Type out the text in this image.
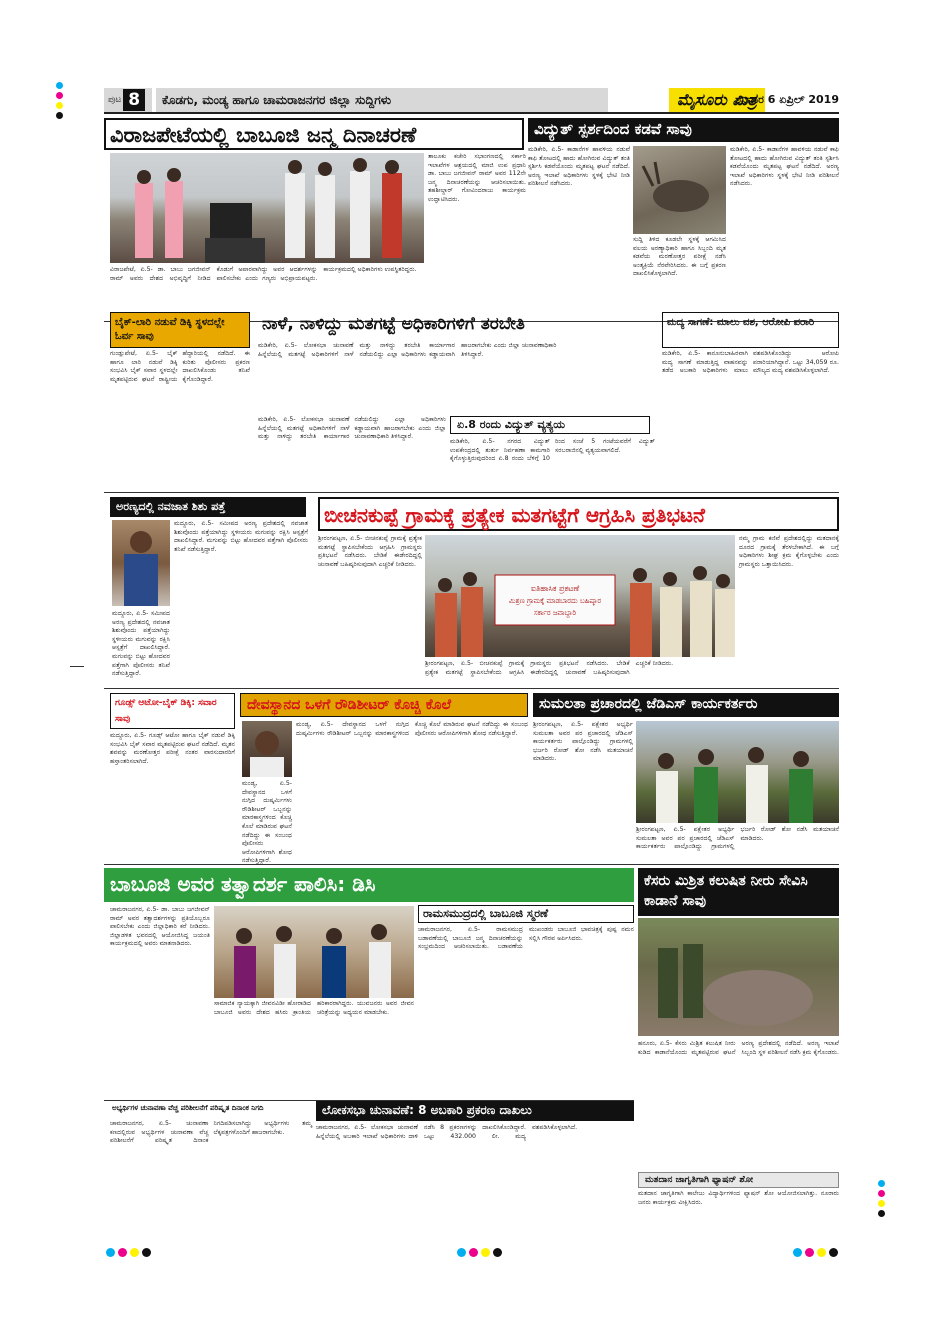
ಪುಟ 8	ಕೊಡಗು, ಮಂಡ್ಯ ಹಾಗೂ ಚಾಮರಾಜನಗರ ಜಿಲ್ಲಾ ಸುದ್ದಿಗಳು	ಮೈಸೂರು ಮಿತ್ರ
ಶನಿವಾರ 6 ಏಪ್ರಿಲ್ 2019
ವಿರಾಜಪೇಟೆಯಲ್ಲಿ ಬಾಬೂಜಿ ಜನ್ಮ ದಿನಾಚರಣೆ	ವಿದ್ಯುತ್ ಸ್ಪರ್ಶದಿಂದ ಕಡವೆ ಸಾವು
ತಾಲೂಕು ಕಚೇರಿ ಸಭಾಂಗಣದಲ್ಲಿ ಸರ್ಕಾರಿ ಇಲಾಖೆಗಳ ಆಶ್ರಯದಲ್ಲಿ ಮಾಜಿ ಉಪ ಪ್ರಧಾನಿ ಡಾ. ಬಾಬು ಜಗಜೀವನ್ ರಾಮ್ ಅವರ 112ನೇ ಜನ್ಮ ದಿನಾಚರಣೆಯನ್ನು ಆಚರಿಸಲಾಯಿತು. ತಹಶೀಲ್ದಾರ್ ಗೋವಿಂದರಾಜು ಕಾರ್ಯಕ್ರಮ ಉದ್ಘಾಟಿಸಿದರು.
ವಿರಾಜಪೇಟೆ, ಏ.5- ಡಾ. ಬಾಬು ಜಗಜೀವನ್ ರಾಮ್ ಅವರು ದೇಶದ ಅಭಿವೃದ್ಧಿಗೆ ನೀಡಿದ ಕೊಡುಗೆ ಅಪಾರವಾಗಿದ್ದು ಅವರ ಆದರ್ಶಗಳನ್ನು ಪಾಲಿಸಬೇಕು ಎಂದು ಗಣ್ಯರು ಅಭಿಪ್ರಾಯಪಟ್ಟರು. ಕಾರ್ಯಕ್ರಮದಲ್ಲಿ ಅಧಿಕಾರಿಗಳು ಉಪಸ್ಥಿತರಿದ್ದರು.
ಮಡಿಕೇರಿ, ಏ.5- ಕಾಡಾನೆಗಳ ಹಾವಳಿಯ ನಡುವೆ ಕಾಫಿ ತೋಟದಲ್ಲಿ ಹಾದು ಹೋಗಿರುವ ವಿದ್ಯುತ್ ತಂತಿ ಸ್ಪರ್ಶಿಸಿ ಕಡವೆಯೊಂದು ಮೃತಪಟ್ಟ ಘಟನೆ ನಡೆದಿದೆ. ಅರಣ್ಯ ಇಲಾಖೆ ಅಧಿಕಾರಿಗಳು ಸ್ಥಳಕ್ಕೆ ಭೇಟಿ ನೀಡಿ ಪರಿಶೀಲನೆ ನಡೆಸಿದರು.
ಸುದ್ದಿ ತಿಳಿದ ಕೂಡಲೇ ಸ್ಥಳಕ್ಕೆ ಆಗಮಿಸಿದ ವಲಯ ಅರಣ್ಯಾಧಿಕಾರಿ ಹಾಗೂ ಸಿಬ್ಬಂದಿ ಮೃತ ಕಡವೆಯ ಮರಣೋತ್ತರ ಪರೀಕ್ಷೆ ನಡೆಸಿ ಅಂತ್ಯಕ್ರಿಯೆ ನೆರವೇರಿಸಿದರು. ಈ ಬಗ್ಗೆ ಪ್ರಕರಣ ದಾಖಲಿಸಿಕೊಳ್ಳಲಾಗಿದೆ.
ಮಡಿಕೇರಿ, ಏ.5- ಕಾಡಾನೆಗಳ ಹಾವಳಿಯ ನಡುವೆ ಕಾಫಿ ತೋಟದಲ್ಲಿ ಹಾದು ಹೋಗಿರುವ ವಿದ್ಯುತ್ ತಂತಿ ಸ್ಪರ್ಶಿಸಿ ಕಡವೆಯೊಂದು ಮೃತಪಟ್ಟ ಘಟನೆ ನಡೆದಿದೆ. ಅರಣ್ಯ ಇಲಾಖೆ ಅಧಿಕಾರಿಗಳು ಸ್ಥಳಕ್ಕೆ ಭೇಟಿ ನೀಡಿ ಪರಿಶೀಲನೆ ನಡೆಸಿದರು.
ಬೈಕ್-ಲಾರಿ ನಡುವೆ ಡಿಕ್ಕಿ ಸ್ಥಳದಲ್ಲೇ ಓರ್ವ ಸಾವು
ಗುಂಡ್ಲುಪೇಟೆ, ಏ.5- ಬೈಕ್ ಹಾಗೂ ಲಾರಿ ನಡುವೆ ಡಿಕ್ಕಿ ಸಂಭವಿಸಿ ಬೈಕ್ ಸವಾರ ಸ್ಥಳದಲ್ಲೇ ಮೃತಪಟ್ಟಿರುವ ಘಟನೆ ರಾಷ್ಟ್ರೀಯ ಹೆದ್ದಾರಿಯಲ್ಲಿ ನಡೆದಿದೆ. ಈ ಕುರಿತು ಪೊಲೀಸರು ಪ್ರಕರಣ ದಾಖಲಿಸಿಕೊಂಡು ತನಿಖೆ ಕೈಗೊಂಡಿದ್ದಾರೆ.
ನಾಳೆ, ನಾಳಿದ್ದು ಮತಗಟ್ಟೆ ಅಧಿಕಾರಿಗಳಿಗೆ ತರಬೇತಿ
ಮಡಿಕೇರಿ, ಏ.5- ಲೋಕಸಭಾ ಚುನಾವಣೆ ಹಿನ್ನೆಲೆಯಲ್ಲಿ ಮತಗಟ್ಟೆ ಅಧಿಕಾರಿಗಳಿಗೆ ನಾಳೆ ಮತ್ತು ನಾಳಿದ್ದು ತರಬೇತಿ ಕಾರ್ಯಾಗಾರ ನಡೆಯಲಿದ್ದು ಎಲ್ಲಾ ಅಧಿಕಾರಿಗಳು ಕಡ್ಡಾಯವಾಗಿ ಹಾಜರಾಗಬೇಕು ಎಂದು ಜಿಲ್ಲಾ ಚುನಾವಣಾಧಿಕಾರಿ ತಿಳಿಸಿದ್ದಾರೆ.
ಏ.8 ರಂದು ವಿದ್ಯುತ್ ವ್ಯತ್ಯಯ
ಮಡಿಕೇರಿ, ಏ.5- ಲೋಕಸಭಾ ಚುನಾವಣೆ ಹಿನ್ನೆಲೆಯಲ್ಲಿ ಮತಗಟ್ಟೆ ಅಧಿಕಾರಿಗಳಿಗೆ ನಾಳೆ ಮತ್ತು ನಾಳಿದ್ದು ತರಬೇತಿ ಕಾರ್ಯಾಗಾರ ನಡೆಯಲಿದ್ದು ಎಲ್ಲಾ ಅಧಿಕಾರಿಗಳು ಕಡ್ಡಾಯವಾಗಿ ಹಾಜರಾಗಬೇಕು ಎಂದು ಜಿಲ್ಲಾ ಚುನಾವಣಾಧಿಕಾರಿ ತಿಳಿಸಿದ್ದಾರೆ.
ಮಡಿಕೇರಿ, ಏ.5- ನಗರದ ವಿದ್ಯುತ್ ಉಪಕೇಂದ್ರದಲ್ಲಿ ತುರ್ತು ನಿರ್ವಹಣಾ ಕಾಮಗಾರಿ ಕೈಗೊಳ್ಳುತ್ತಿರುವುದರಿಂದ ಏ.8 ರಂದು ಬೆಳಿಗ್ಗೆ 10 ರಿಂದ ಸಂಜೆ 5 ಗಂಟೆಯವರೆಗೆ ವಿದ್ಯುತ್ ಸರಬರಾಜಿನಲ್ಲಿ ವ್ಯತ್ಯಯವಾಗಲಿದೆ.
ಮದ್ಯ ಸಾಗಣೆ: ಮಾಲು ವಶ, ಆರೋಪಿ ಪರಾರಿ
ಮಡಿಕೇರಿ, ಏ.5- ಕಾನೂನುಬಾಹಿರವಾಗಿ ಮದ್ಯ ಸಾಗಣೆ ಮಾಡುತ್ತಿದ್ದ ವಾಹನವನ್ನು ತಡೆದ ಅಬಕಾರಿ ಅಧಿಕಾರಿಗಳು ಮಾಲು ವಶಪಡಿಸಿಕೊಂಡಿದ್ದು ಆರೋಪಿ ಪರಾರಿಯಾಗಿದ್ದಾನೆ. ಒಟ್ಟು 34,059 ರೂ. ಮೌಲ್ಯದ ಮದ್ಯ ವಶಪಡಿಸಿಕೊಳ್ಳಲಾಗಿದೆ.
ಅರಣ್ಯದಲ್ಲಿ ನವಜಾತ ಶಿಶು ಪತ್ತೆ
ಮದ್ದೂರು, ಏ.5- ಸಮೀಪದ ಅರಣ್ಯ ಪ್ರದೇಶದಲ್ಲಿ ನವಜಾತ ಶಿಶುವೊಂದು ಪತ್ತೆಯಾಗಿದ್ದು ಸ್ಥಳೀಯರು ಮಗುವನ್ನು ರಕ್ಷಿಸಿ ಆಸ್ಪತ್ರೆಗೆ ದಾಖಲಿಸಿದ್ದಾರೆ. ಮಗುವನ್ನು ಬಿಟ್ಟು ಹೋದವರ ಪತ್ತೆಗಾಗಿ ಪೊಲೀಸರು ತನಿಖೆ ನಡೆಸುತ್ತಿದ್ದಾರೆ.
ಮದ್ದೂರು, ಏ.5- ಸಮೀಪದ ಅರಣ್ಯ ಪ್ರದೇಶದಲ್ಲಿ ನವಜಾತ ಶಿಶುವೊಂದು ಪತ್ತೆಯಾಗಿದ್ದು ಸ್ಥಳೀಯರು ಮಗುವನ್ನು ರಕ್ಷಿಸಿ ಆಸ್ಪತ್ರೆಗೆ ದಾಖಲಿಸಿದ್ದಾರೆ. ಮಗುವನ್ನು ಬಿಟ್ಟು ಹೋದವರ ಪತ್ತೆಗಾಗಿ ಪೊಲೀಸರು ತನಿಖೆ ನಡೆಸುತ್ತಿದ್ದಾರೆ.
ಬೀಚನಕುಪ್ಪೆ ಗ್ರಾಮಕ್ಕೆ ಪ್ರತ್ಯೇಕ ಮತಗಟ್ಟೆಗೆ ಆಗ್ರಹಿಸಿ ಪ್ರತಿಭಟನೆ
ಶ್ರೀರಂಗಪಟ್ಟಣ, ಏ.5- ಬೀಚನಕುಪ್ಪೆ ಗ್ರಾಮಕ್ಕೆ ಪ್ರತ್ಯೇಕ ಮತಗಟ್ಟೆ ಸ್ಥಾಪಿಸಬೇಕೆಂದು ಆಗ್ರಹಿಸಿ ಗ್ರಾಮಸ್ಥರು ಪ್ರತಿಭಟನೆ ನಡೆಸಿದರು. ಬೇಡಿಕೆ ಈಡೇರದಿದ್ದಲ್ಲಿ ಚುನಾವಣೆ ಬಹಿಷ್ಕರಿಸುವುದಾಗಿ ಎಚ್ಚರಿಕೆ ನೀಡಿದರು.
ಐತಿಹಾಸಿಕ ಪ್ರಕಟಣೆ
ಮಿಶ್ರಣ ಗ್ರಾಮಕ್ಕೆ ಮಾಡಬಾರದು ಬಹಿಷ್ಕಾರ
ಸರ್ಕಾರ ಜವಾಬ್ದಾರಿ
ಶ್ರೀರಂಗಪಟ್ಟಣ, ಏ.5- ಬೀಚನಕುಪ್ಪೆ ಗ್ರಾಮಕ್ಕೆ ಪ್ರತ್ಯೇಕ ಮತಗಟ್ಟೆ ಸ್ಥಾಪಿಸಬೇಕೆಂದು ಆಗ್ರಹಿಸಿ ಗ್ರಾಮಸ್ಥರು ಪ್ರತಿಭಟನೆ ನಡೆಸಿದರು. ಬೇಡಿಕೆ ಈಡೇರದಿದ್ದಲ್ಲಿ ಚುನಾವಣೆ ಬಹಿಷ್ಕರಿಸುವುದಾಗಿ ಎಚ್ಚರಿಕೆ ನೀಡಿದರು.
ನಮ್ಮ ಗ್ರಾಮ ಕಣಿವೆ ಪ್ರದೇಶದಲ್ಲಿದ್ದು ಮತದಾನಕ್ಕೆ ದೂರದ ಗ್ರಾಮಕ್ಕೆ ತೆರಳಬೇಕಾಗಿದೆ. ಈ ಬಗ್ಗೆ ಅಧಿಕಾರಿಗಳು ಶೀಘ್ರ ಕ್ರಮ ಕೈಗೊಳ್ಳಬೇಕು ಎಂದು ಗ್ರಾಮಸ್ಥರು ಒತ್ತಾಯಿಸಿದರು.
ಗೂಡ್ಸ್ ಆಟೋ-ಬೈಕ್ ಡಿಕ್ಕಿ: ಸವಾರ ಸಾವು
ಮದ್ದೂರು, ಏ.5- ಗೂಡ್ಸ್ ಆಟೋ ಹಾಗೂ ಬೈಕ್ ನಡುವೆ ಡಿಕ್ಕಿ ಸಂಭವಿಸಿ ಬೈಕ್ ಸವಾರ ಮೃತಪಟ್ಟಿರುವ ಘಟನೆ ನಡೆದಿದೆ. ಮೃತನ ಶವವನ್ನು ಮರಣೋತ್ತರ ಪರೀಕ್ಷೆ ನಂತರ ವಾರಸುದಾರರಿಗೆ ಹಸ್ತಾಂತರಿಸಲಾಗಿದೆ.
ದೇವಸ್ಥಾನದ ಒಳಗೆ ರೌಡಿಶೀಟರ್ ಕೊಚ್ಚಿ ಕೊಲೆ
ಮಂಡ್ಯ, ಏ.5- ದೇವಸ್ಥಾನದ ಒಳಗೆ ನುಗ್ಗಿದ ದುಷ್ಕರ್ಮಿಗಳು ರೌಡಿಶೀಟರ್ ಒಬ್ಬನನ್ನು ಮಾರಕಾಸ್ತ್ರಗಳಿಂದ ಕೊಚ್ಚಿ ಕೊಲೆ ಮಾಡಿರುವ ಘಟನೆ ನಡೆದಿದ್ದು ಈ ಸಂಬಂಧ ಪೊಲೀಸರು ಆರೋಪಿಗಳಿಗಾಗಿ ಶೋಧ ನಡೆಸುತ್ತಿದ್ದಾರೆ.
ಮಂಡ್ಯ, ಏ.5- ದೇವಸ್ಥಾನದ ಒಳಗೆ ನುಗ್ಗಿದ ದುಷ್ಕರ್ಮಿಗಳು ರೌಡಿಶೀಟರ್ ಒಬ್ಬನನ್ನು ಮಾರಕಾಸ್ತ್ರಗಳಿಂದ ಕೊಚ್ಚಿ ಕೊಲೆ ಮಾಡಿರುವ ಘಟನೆ ನಡೆದಿದ್ದು ಈ ಸಂಬಂಧ ಪೊಲೀಸರು ಆರೋಪಿಗಳಿಗಾಗಿ ಶೋಧ ನಡೆಸುತ್ತಿದ್ದಾರೆ.
ಸುಮಲತಾ ಪ್ರಚಾರದಲ್ಲಿ ಜೆಡಿಎಸ್ ಕಾರ್ಯಕರ್ತರು
ಶ್ರೀರಂಗಪಟ್ಟಣ, ಏ.5- ಪಕ್ಷೇತರ ಅಭ್ಯರ್ಥಿ ಸುಮಲತಾ ಅವರ ಪರ ಪ್ರಚಾರದಲ್ಲಿ ಜೆಡಿಎಸ್ ಕಾರ್ಯಕರ್ತರು ಪಾಲ್ಗೊಂಡಿದ್ದು ಗ್ರಾಮಗಳಲ್ಲಿ ಭರ್ಜರಿ ರೋಡ್ ಶೋ ನಡೆಸಿ ಮತಯಾಚನೆ ಮಾಡಿದರು.
ಶ್ರೀರಂಗಪಟ್ಟಣ, ಏ.5- ಪಕ್ಷೇತರ ಅಭ್ಯರ್ಥಿ ಸುಮಲತಾ ಅವರ ಪರ ಪ್ರಚಾರದಲ್ಲಿ ಜೆಡಿಎಸ್ ಕಾರ್ಯಕರ್ತರು ಪಾಲ್ಗೊಂಡಿದ್ದು ಗ್ರಾಮಗಳಲ್ಲಿ ಭರ್ಜರಿ ರೋಡ್ ಶೋ ನಡೆಸಿ ಮತಯಾಚನೆ ಮಾಡಿದರು.
ಬಾಬೂಜಿ ಅವರ ತತ್ವಾದರ್ಶ ಪಾಲಿಸಿ: ಡಿಸಿ
ಚಾಮರಾಜನಗರ, ಏ.5- ಡಾ. ಬಾಬು ಜಗಜೀವನ್ ರಾಮ್ ಅವರ ತತ್ವಾದರ್ಶಗಳನ್ನು ಪ್ರತಿಯೊಬ್ಬರೂ ಪಾಲಿಸಬೇಕು ಎಂದು ಜಿಲ್ಲಾಧಿಕಾರಿ ಕರೆ ನೀಡಿದರು. ಜಿಲ್ಲಾಡಳಿತ ಭವನದಲ್ಲಿ ಆಯೋಜಿಸಿದ್ದ ಜಯಂತಿ ಕಾರ್ಯಕ್ರಮದಲ್ಲಿ ಅವರು ಮಾತನಾಡಿದರು.
ಸಾಮಾಜಿಕ ನ್ಯಾಯಕ್ಕಾಗಿ ಜೀವನವಿಡೀ ಹೋರಾಡಿದ ಬಾಬೂಜಿ ಅವರು ದೇಶದ ಹಸಿರು ಕ್ರಾಂತಿಯ ಹರಿಕಾರರಾಗಿದ್ದರು. ಯುವಜನರು ಅವರ ಜೀವನ ಚರಿತ್ರೆಯನ್ನು ಅಧ್ಯಯನ ಮಾಡಬೇಕು.
ರಾಮಸಮುದ್ರದಲ್ಲಿ ಬಾಬೂಜಿ ಸ್ಮರಣೆ
ಚಾಮರಾಜನಗರ, ಏ.5- ರಾಮಸಮುದ್ರ ಬಡಾವಣೆಯಲ್ಲಿ ಬಾಬೂಜಿ ಜನ್ಮ ದಿನಾಚರಣೆಯನ್ನು ಸಂಭ್ರಮದಿಂದ ಆಚರಿಸಲಾಯಿತು. ಬಡಾವಣೆಯ ಮುಖಂಡರು ಬಾಬೂಜಿ ಭಾವಚಿತ್ರಕ್ಕೆ ಪುಷ್ಪ ನಮನ ಸಲ್ಲಿಸಿ ಗೌರವ ಅರ್ಪಿಸಿದರು.
ಕೆಸರು ಮಿಶ್ರಿತ ಕಲುಷಿತ ನೀರು ಸೇವಿಸಿ ಕಾಡಾನೆ ಸಾವು
ಹನೂರು, ಏ.5- ಕೆಸರು ಮಿಶ್ರಿತ ಕಲುಷಿತ ನೀರು ಕುಡಿದ ಕಾಡಾನೆಯೊಂದು ಮೃತಪಟ್ಟಿರುವ ಘಟನೆ ಅರಣ್ಯ ಪ್ರದೇಶದಲ್ಲಿ ನಡೆದಿದೆ. ಅರಣ್ಯ ಇಲಾಖೆ ಸಿಬ್ಬಂದಿ ಸ್ಥಳ ಪರಿಶೀಲನೆ ನಡೆಸಿ ಕ್ರಮ ಕೈಗೊಂಡರು.
ಅಭ್ಯರ್ಥಿಗಳ ಚುನಾವಣಾ ವೆಚ್ಚ ಪರಿಶೀಲನೆಗೆ ಪರಿಷ್ಕೃತ ದಿನಾಂಕ ನಿಗದಿ
ಚಾಮರಾಜನಗರ, ಏ.5- ಚುನಾವಣಾ ಕಣದಲ್ಲಿರುವ ಅಭ್ಯರ್ಥಿಗಳ ಚುನಾವಣಾ ವೆಚ್ಚ ಪರಿಶೀಲನೆಗೆ ಪರಿಷ್ಕೃತ ದಿನಾಂಕ ನಿಗದಿಪಡಿಸಲಾಗಿದ್ದು ಅಭ್ಯರ್ಥಿಗಳು ತಮ್ಮ ಲೆಕ್ಕಪತ್ರಗಳೊಂದಿಗೆ ಹಾಜರಾಗಬೇಕು.
ಲೋಕಸಭಾ ಚುನಾವಣೆ: 8 ಅಬಕಾರಿ ಪ್ರಕರಣ ದಾಖಲು
ಚಾಮರಾಜನಗರ, ಏ.5- ಲೋಕಸಭಾ ಚುನಾವಣೆ ಹಿನ್ನೆಲೆಯಲ್ಲಿ ಅಬಕಾರಿ ಇಲಾಖೆ ಅಧಿಕಾರಿಗಳು ದಾಳಿ ನಡೆಸಿ 8 ಪ್ರಕರಣಗಳನ್ನು ದಾಖಲಿಸಿಕೊಂಡಿದ್ದಾರೆ. ಒಟ್ಟು 432.000 ಲೀ. ಮದ್ಯ ವಶಪಡಿಸಿಕೊಳ್ಳಲಾಗಿದೆ.
ಮತದಾನ ಜಾಗೃತಿಗಾಗಿ ಫ್ಯಾಷನ್ ಶೋ
ಮತದಾನ ಜಾಗೃತಿಗಾಗಿ ಕಾಲೇಜು ವಿದ್ಯಾರ್ಥಿಗಳಿಂದ ಫ್ಯಾಷನ್ ಶೋ ಆಯೋಜಿಸಲಾಗಿತ್ತು. ನೂರಾರು ಜನರು ಕಾರ್ಯಕ್ರಮ ವೀಕ್ಷಿಸಿದರು.
